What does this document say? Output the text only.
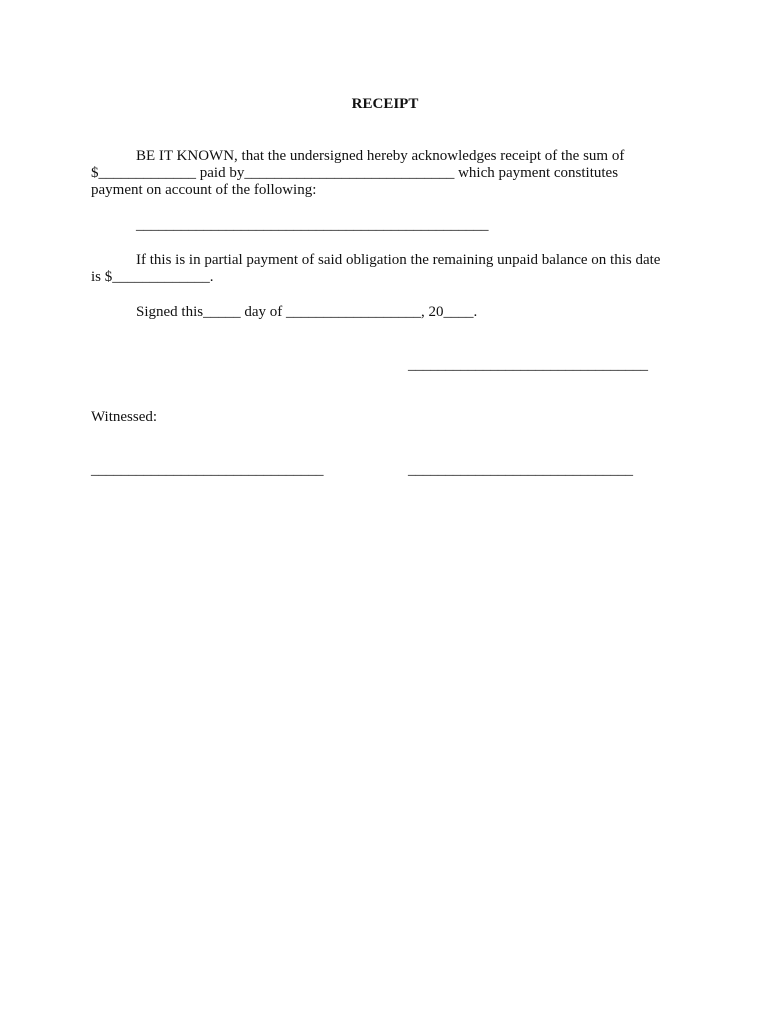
RECEIPT
BE IT KNOWN, that the undersigned hereby acknowledges receipt of the sum of
$_____________ paid by____________________________ which payment constitutes
payment on account of the following:
_______________________________________________
If this is in partial payment of said obligation the remaining unpaid balance on this date
is $_____________.
Signed this_____ day of __________________, 20____.
________________________________
Witnessed:
_______________________________	______________________________
